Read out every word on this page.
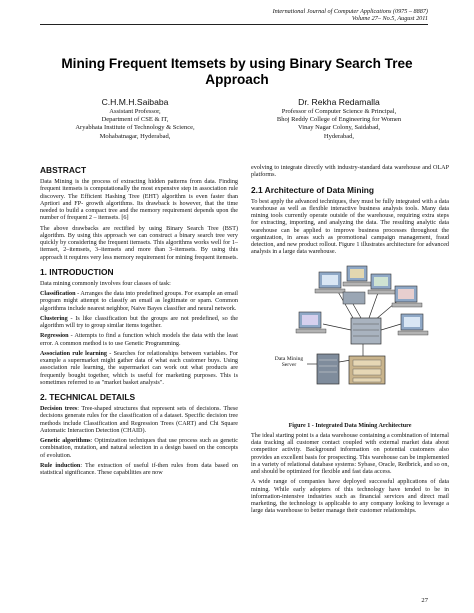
International Journal of Computer Applications (0975 – 8887)
Volume 27– No.5, August 2011
Mining Frequent Itemsets by using Binary Search Tree Approach
C.H.M.H.Saibaba
Assistant Professor,
Department of CSE & IT,
Aryabhata Institute of Technology & Science,
Mohabatnagar, Hyderabad,
Dr. Rekha Redamalla
Professor of Computer Science & Principal,
Bhoj Reddy College of Engineering for Women
Vinay Nagar Colony, Saidabad,
Hyderabad,
ABSTRACT

Data Mining is the process of extracting hidden patterns from data. Finding frequent itemsets is computationally the most expensive step in association rule discovery. The Efficient Hashing Tree (EHT) algorithm is even faster than Aprtiori and FP- growth algorithms. Its drawback is however, that the time needed to build a compact tree and the memory requirement depends upon the number of frequent 2 – itemsets. [6]

The above drawbacks are rectified by using Binary Search Tree (BST) algorithm. By using this approach we can construct a binary search tree very quickly by considering the frequent itemsets. This algorithms works well for 1–itemset, 2–itemsets, 3–itemsets and more than 3–itemsets. By using this approach it requires very less memory requirement for mining frequent itemsets.

1. INTRODUCTION

Data mining commonly involves four classes of task:

Classification - Arranges the data into predefined groups. For example an email program might attempt to classify an email as legitimate or spam. Common algorithms include nearest neighbor, Naive Bayes classifier and neural network.

Clustering - Is like classification but the groups are not predefined, so the algorithm will try to group similar items together.

Regression - Attempts to find a function which models the data with the least error. A common method is to use Genetic Programming.

Association rule learning - Searches for relationships between variables. For example a supermarket might gather data of what each customer buys. Using association rule learning, the supermarket can work out what products are frequently bought together, which is useful for marketing purposes. This is sometimes referred to as "market basket analysis".

2. TECHNICAL DETAILS

Decision trees: Tree-shaped structures that represent sets of decisions. These decisions generate rules for the classification of a dataset. Specific decision tree methods include Classification and Regression Trees (CART) and Chi Square Automatic Interaction Detection (CHAID).

Genetic algorithms: Optimization techniques that use process such as genetic combination, mutation, and natural selection in a design based on the concepts of evolution.

Rule induction: The extraction of useful if-then rules from data based on statistical significance. These capabilities are now

evolving to integrate directly with industry-standard data warehouse and OLAP platforms.

2.1 Architecture of Data Mining

To best apply the advanced techniques, they must be fully integrated with a data warehouse as well as flexible interactive business analysis tools. Many data mining tools currently operate outside of the warehouse, requiring extra steps for extracting, importing, and analyzing the data. The resulting analytic data warehouse can be applied to improve business processes throughout the organization, in areas such as promotional campaign management, fraud detection, and new product rollout. Figure 1 illustrates architecture for advanced analysis in a large data warehouse.

Data Mining Server

Figure 1 - Integrated Data Mining Architecture

The ideal starting point is a data warehouse containing a combination of internal data tracking all customer contact coupled with external market data about competitor activity. Background information on potential customers also provides an excellent basis for prospecting. This warehouse can be implemented in a variety of relational database systems: Sybase, Oracle, Redbrick, and so on, and should be optimized for flexible and fast data access.

A wide range of companies have deployed successful applications of data mining. While early adopters of this technology have tended to be in information-intensive industries such as financial services and direct mail marketing, the technology is applicable to any company looking to leverage a large data warehouse to better manage their customer relationships.

27
